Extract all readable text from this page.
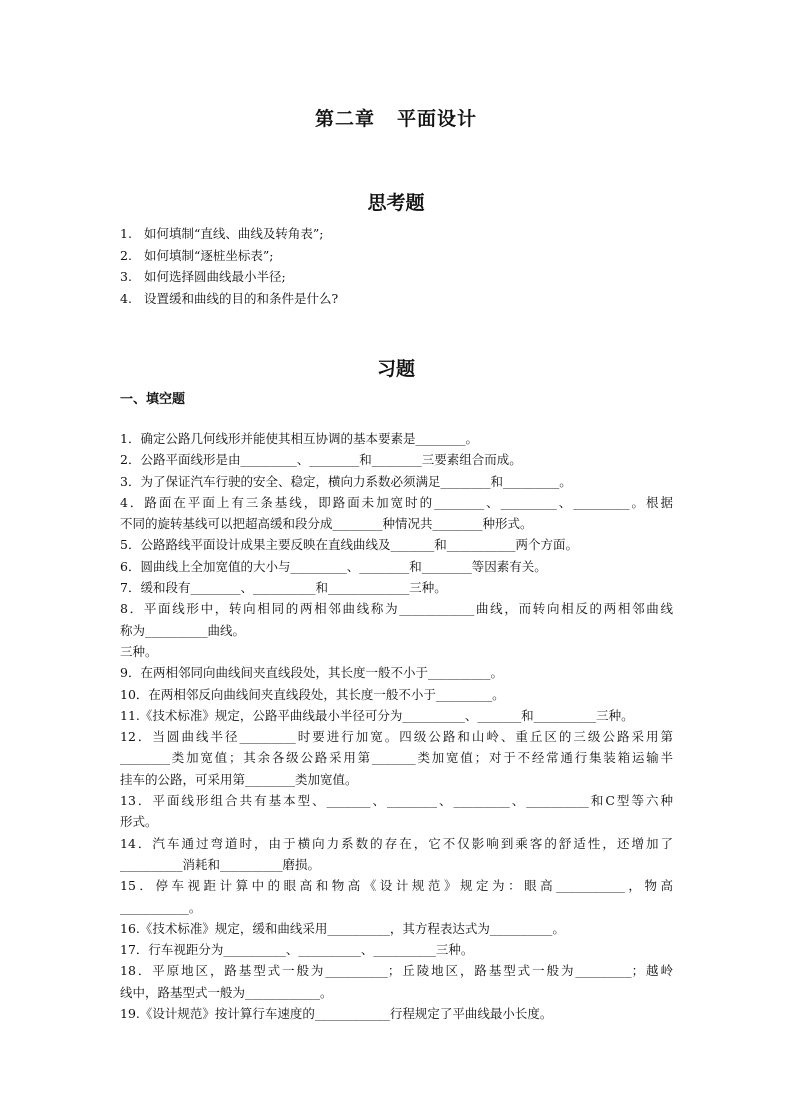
第二章 平面设计
思考题
1. 如何填制“直线、曲线及转角表”;
2. 如何填制“逐桩坐标表”;
3. 如何选择圆曲线最小半径;
4. 设置缓和曲线的目的和条件是什么?
习题
一、填空题
1．确定公路几何线形并能使其相互协调的基本要素是________。
2．公路平面线形是由_________、________和________三要素组合而成。
3．为了保证汽车行驶的安全、稳定，横向力系数必须满足________和_________。
4．路面在平面上有三条基线，即路面未加宽时的________、_________、_________。根据
不同的旋转基线可以把超高缓和段分成________种情况共________种形式。
5．公路路线平面设计成果主要反映在直线曲线及_______和___________两个方面。
6．圆曲线上全加宽值的大小与_________、________和________等因素有关。
7．缓和段有________、__________和_____________三种。
8．平面线形中，转向相同的两相邻曲线称为____________曲线，而转向相反的两相邻曲线
称为__________曲线。
三种。
9．在两相邻同向曲线间夹直线段处，其长度一般不小于__________。
10．在两相邻反向曲线间夹直线段处，其长度一般不小于_________。
11.《技术标准》规定，公路平曲线最小半径可分为__________、_______和__________三种。
12．当圆曲线半径_________时要进行加宽。四级公路和山岭、重丘区的三级公路采用第
________类加宽值；其余各级公路采用第_______类加宽值；对于不经常通行集装箱运输半
挂车的公路，可采用第________类加宽值。
13．平面线形组合共有基本型、_______、________、_________、__________和C型等六种
形式。
14．汽车通过弯道时，由于横向力系数的存在，它不仅影响到乘客的舒适性，还增加了
__________消耗和__________磨损。
15．停车视距计算中的眼高和物高《设计规范》规定为：眼高___________，物高
___________。
16.《技术标准》规定，缓和曲线采用__________，其方程表达式为__________。
17．行车视距分为__________、__________、__________三种。
18．平原地区，路基型式一般为__________；丘陵地区，路基型式一般为_________；越岭
线中，路基型式一般为____________。
19.《设计规范》按计算行车速度的____________行程规定了平曲线最小长度。
